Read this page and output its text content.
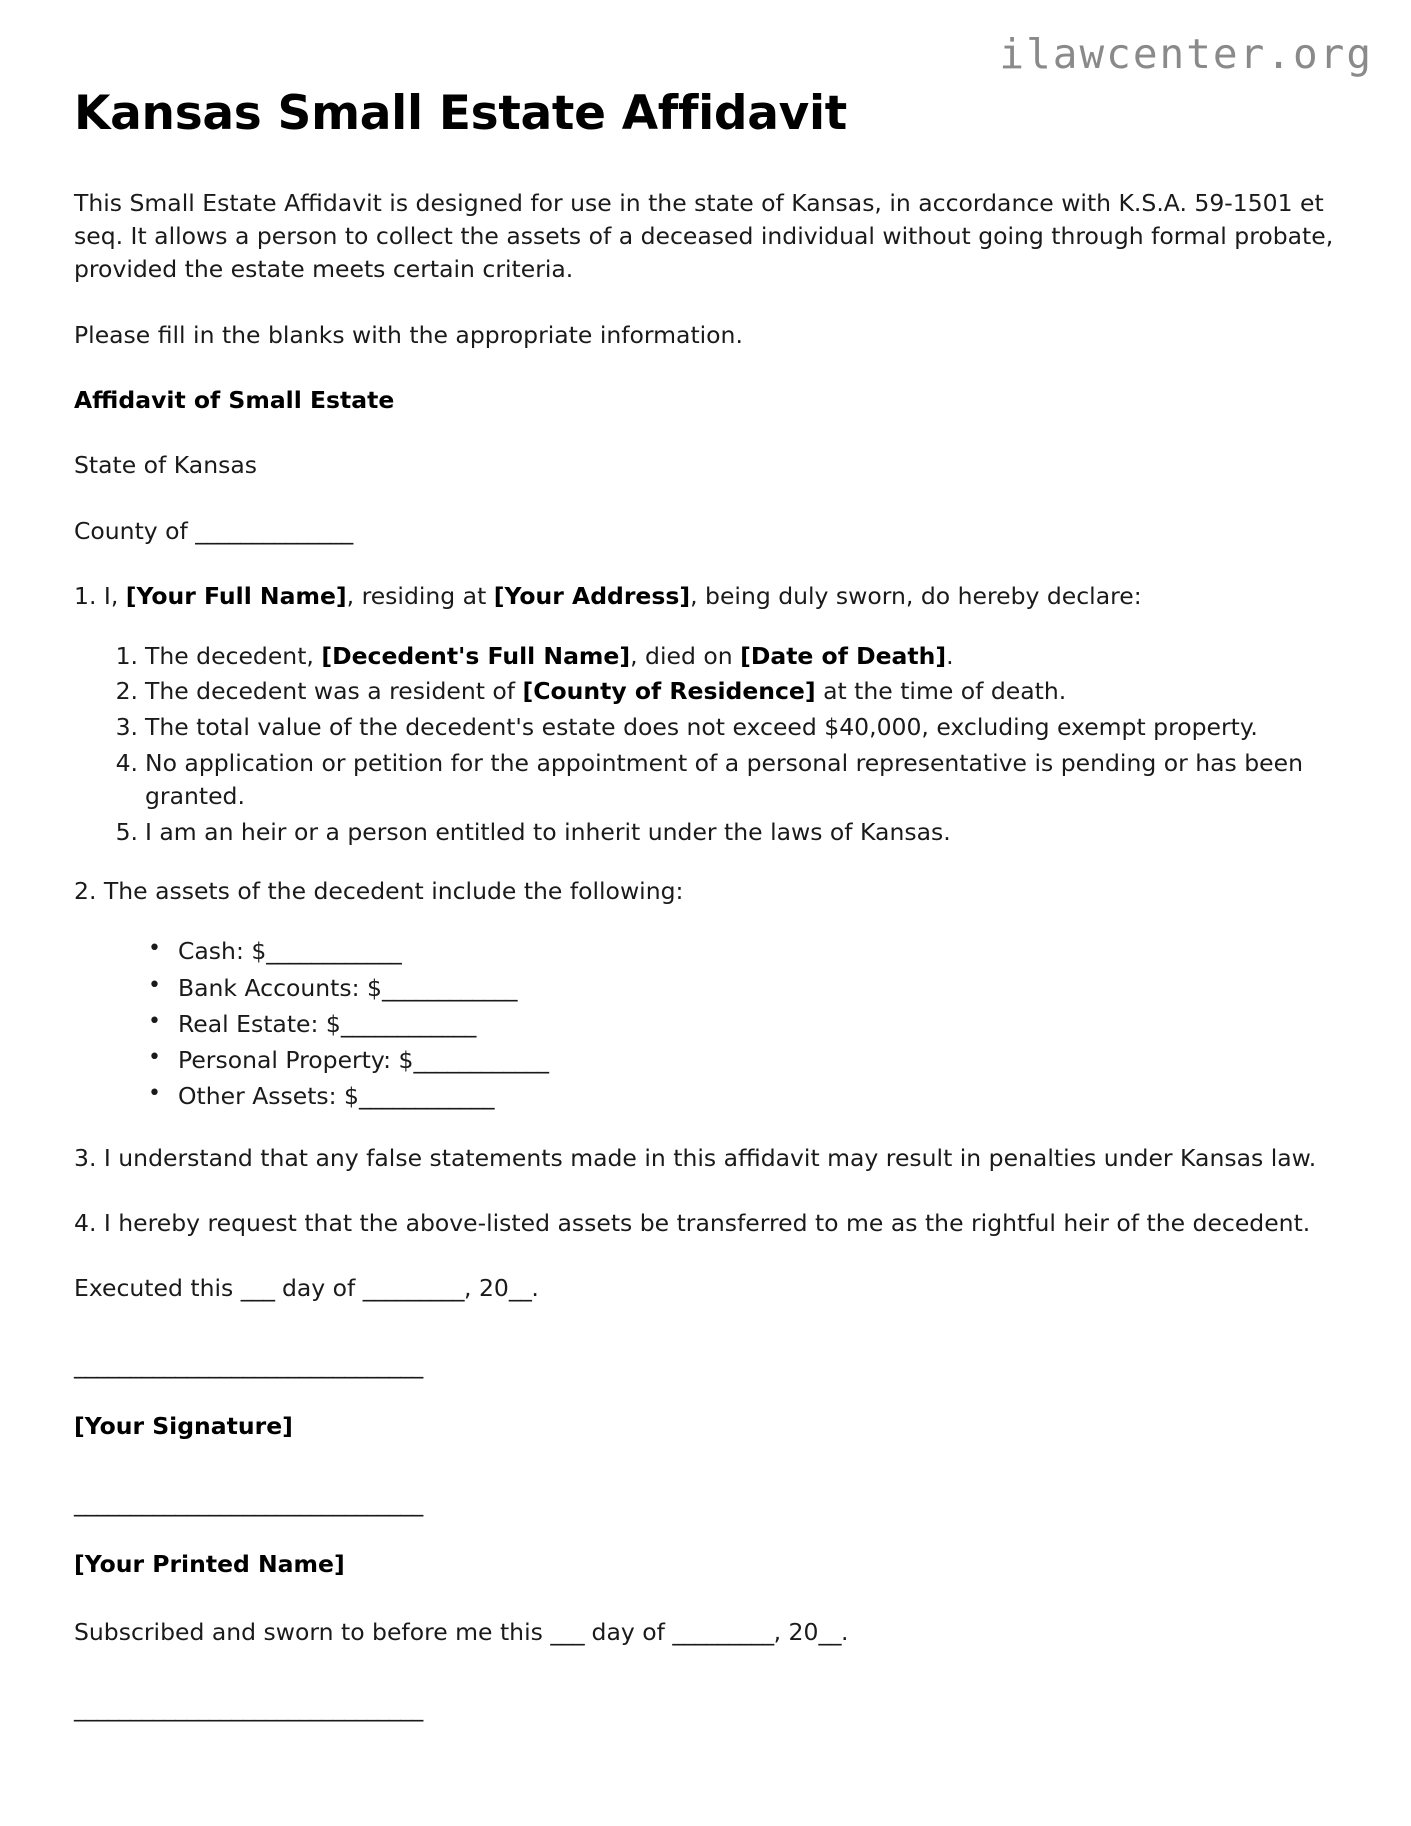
ilawcenter.org
Kansas Small Estate Affidavit

This Small Estate Affidavit is designed for use in the state of Kansas, in accordance with K.S.A. 59-1501 et seq. It allows a person to collect the assets of a deceased individual without going through formal probate, provided the estate meets certain criteria.

Please fill in the blanks with the appropriate information.

Affidavit of Small Estate

State of Kansas

County of ______________

1. I, [Your Full Name], residing at [Your Address], being duly sworn, do hereby declare:
The decedent, [Decedent's Full Name], died on [Date of Death].
The decedent was a resident of [County of Residence] at the time of death.
The total value of the decedent's estate does not exceed $40,000, excluding exempt property.
No application or petition for the appointment of a personal representative is pending or has been granted.
I am an heir or a person entitled to inherit under the laws of Kansas.
2. The assets of the decedent include the following:
• Cash: $____________
• Bank Accounts: $____________
• Real Estate: $____________
• Personal Property: $____________
• Other Assets: $____________

3. I understand that any false statements made in this affidavit may result in penalties under Kansas law.

4. I hereby request that the above-listed assets be transferred to me as the rightful heir of the decedent.

Executed this ___ day of _________, 20__.

_______________________________
[Your Signature]
_______________________________
[Your Printed Name]

Subscribed and sworn to before me this ___ day of _________, 20__.

_______________________________
